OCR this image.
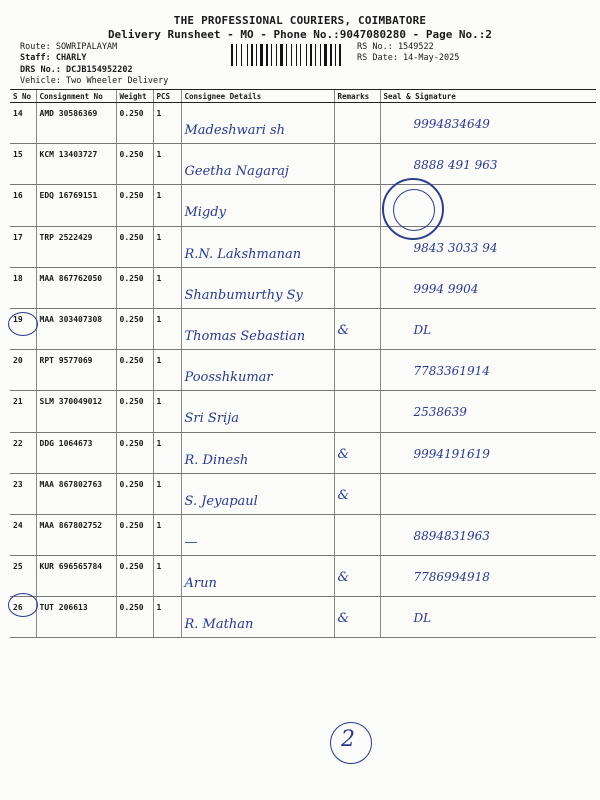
THE PROFESSIONAL COURIERS, COIMBATORE
Delivery Runsheet - MO - Phone No.:9047080280 - Page No.:2
Route: SOWRIPALAYAM
Staff: CHARLY
DRS No.: DCJB154952202
Vehicle: Two Wheeler Delivery
RS No.: 1549522
RS Date: 14-May-2025
S No	Consignment No	Weight	PCS	Consignee Details	Remarks	Seal & Signature
14	AMD 30586369	0.250	1	Madeshwari sh		9994834649
15	KCM 13403727	0.250	1	Geetha Nagaraj		8888 491 963
16	EDQ 16769151	0.250	1	Migdy		
17	TRP 2522429	0.250	1	R.N. Lakshmanan		9843 3033 94
18	MAA 867762050	0.250	1	Shanbumurthy Sy		9994 9904
19	MAA 303407308	0.250	1	Thomas Sebastian	&	DL
20	RPT 9577069	0.250	1	Poosshkumar		7783361914
21	SLM 370049012	0.250	1	Sri Srija		2538639
22	DDG 1064673	0.250	1	R. Dinesh	&	9994191619
23	MAA 867802763	0.250	1	S. Jeyapaul	&	
24	MAA 867802752	0.250	1	—		8894831963
25	KUR 696565784	0.250	1	Arun	&	7786994918
26	TUT 206613	0.250	1	R. Mathan	&	DL
2
